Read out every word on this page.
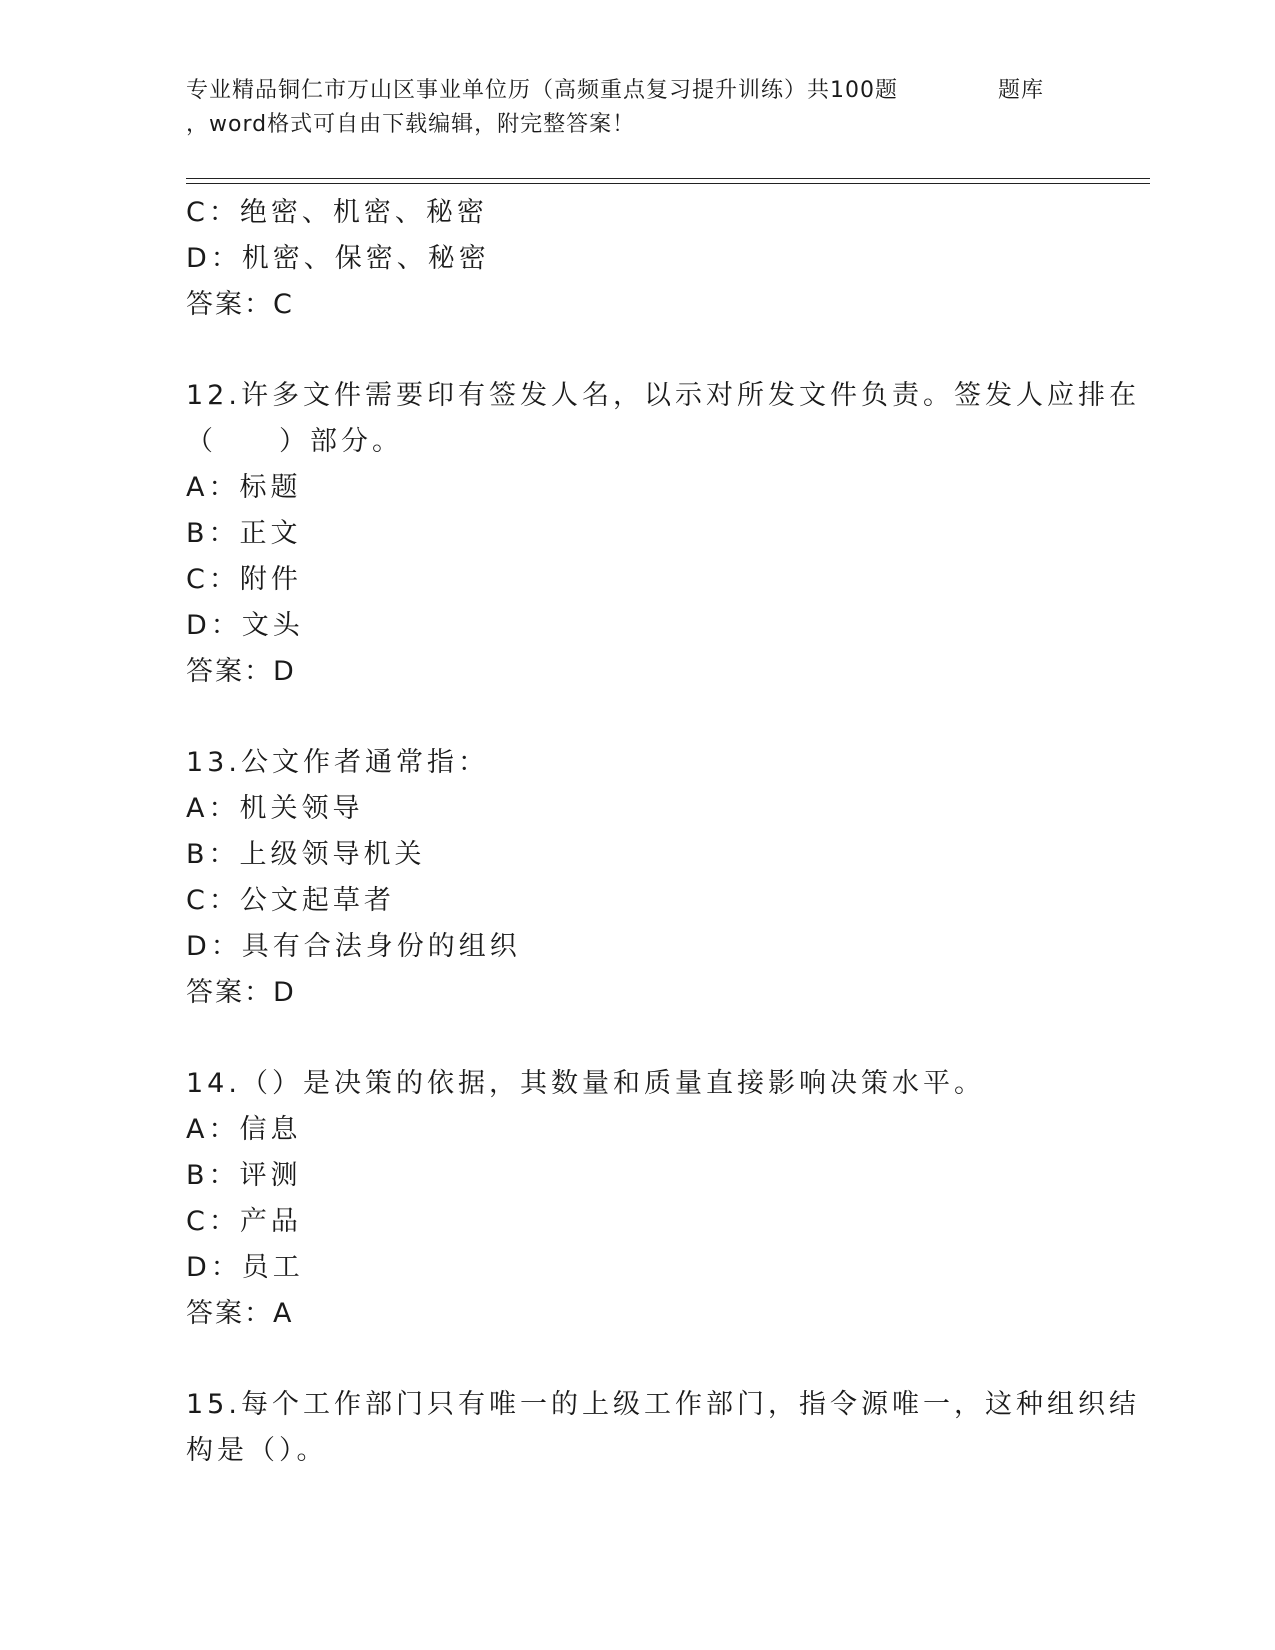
专业精品铜仁市万山区事业单位历（高频重点复习提升训练）共100题	题库
，word格式可自由下载编辑，附完整答案！
C：绝密、机密、秘密
D：机密、保密、秘密
答案：C
12.许多文件需要印有签发人名，以示对所发文件负责。签发人应排在
（　　）部分。
A：标题
B：正文
C：附件
D：文头
答案：D
13.公文作者通常指：
A：机关领导
B：上级领导机关
C：公文起草者
D：具有合法身份的组织
答案：D
14.（）是决策的依据，其数量和质量直接影响决策水平。
A：信息
B：评测
C：产品
D：员工
答案：A
15.每个工作部门只有唯一的上级工作部门，指令源唯一，这种组织结
构是（）。
